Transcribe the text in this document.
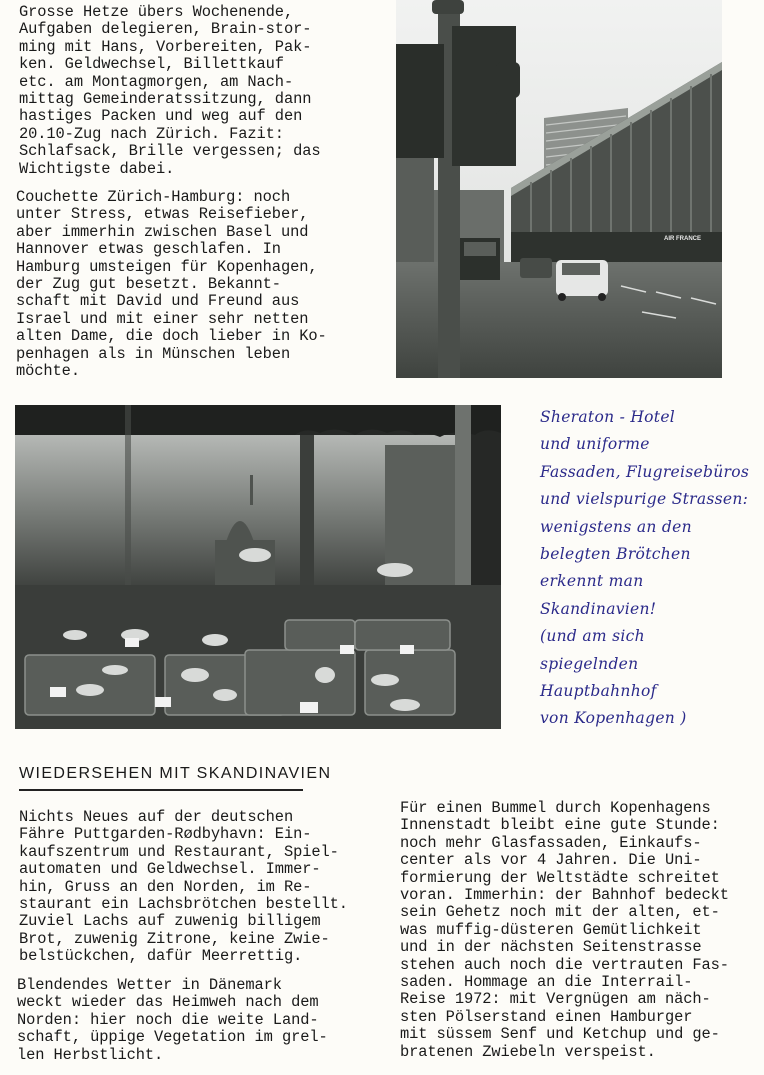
Grosse Hetze übers Wochenende,
Aufgaben delegieren, Brain-stor-
ming mit Hans, Vorbereiten, Pak-
ken. Geldwechsel, Billettkauf
etc. am Montagmorgen, am Nach-
mittag Gemeinderatssitzung, dann
hastiges Packen und weg auf den
20.10-Zug nach Zürich. Fazit:
Schlafsack, Brille vergessen; das
Wichtigste dabei.
Couchette Zürich-Hamburg: noch
unter Stress, etwas Reisefieber,
aber immerhin zwischen Basel und
Hannover etwas geschlafen. In
Hamburg umsteigen für Kopenhagen,
der Zug gut besetzt. Bekannt-
schaft mit David und Freund aus
Israel und mit einer sehr netten
alten Dame, die doch lieber in Ko-
penhagen als in Münschen leben
möchte.
AIR FRANCE
Sheraton - Hotel
und uniforme
Fassaden, Flugreisebüros
und vielspurige Strassen:
wenigstens an den
belegten Brötchen
erkennt man
Skandinavien!
(und am sich
spiegelnden
Hauptbahnhof
von Kopenhagen )
WIEDERSEHEN MIT SKANDINAVIEN
Nichts Neues auf der deutschen
Fähre Puttgarden-Rødbyhavn: Ein-
kaufszentrum und Restaurant, Spiel-
automaten und Geldwechsel. Immer-
hin, Gruss an den Norden, im Re-
staurant ein Lachsbrötchen bestellt.
Zuviel Lachs auf zuwenig billigem
Brot, zuwenig Zitrone, keine Zwie-
belstückchen, dafür Meerrettig.
Blendendes Wetter in Dänemark
weckt wieder das Heimweh nach dem
Norden: hier noch die weite Land-
schaft, üppige Vegetation im grel-
len Herbstlicht.
Für einen Bummel durch Kopenhagens
Innenstadt bleibt eine gute Stunde:
noch mehr Glasfassaden, Einkaufs-
center als vor 4 Jahren. Die Uni-
formierung der Weltstädte schreitet
voran. Immerhin: der Bahnhof bedeckt
sein Gehetz noch mit der alten, et-
was muffig-düsteren Gemütlichkeit
und in der nächsten Seitenstrasse
stehen auch noch die vertrauten Fas-
saden. Hommage an die Interrail-
Reise 1972: mit Vergnügen am näch-
sten Pölserstand einen Hamburger
mit süssem Senf und Ketchup und ge-
bratenen Zwiebeln verspeist.
